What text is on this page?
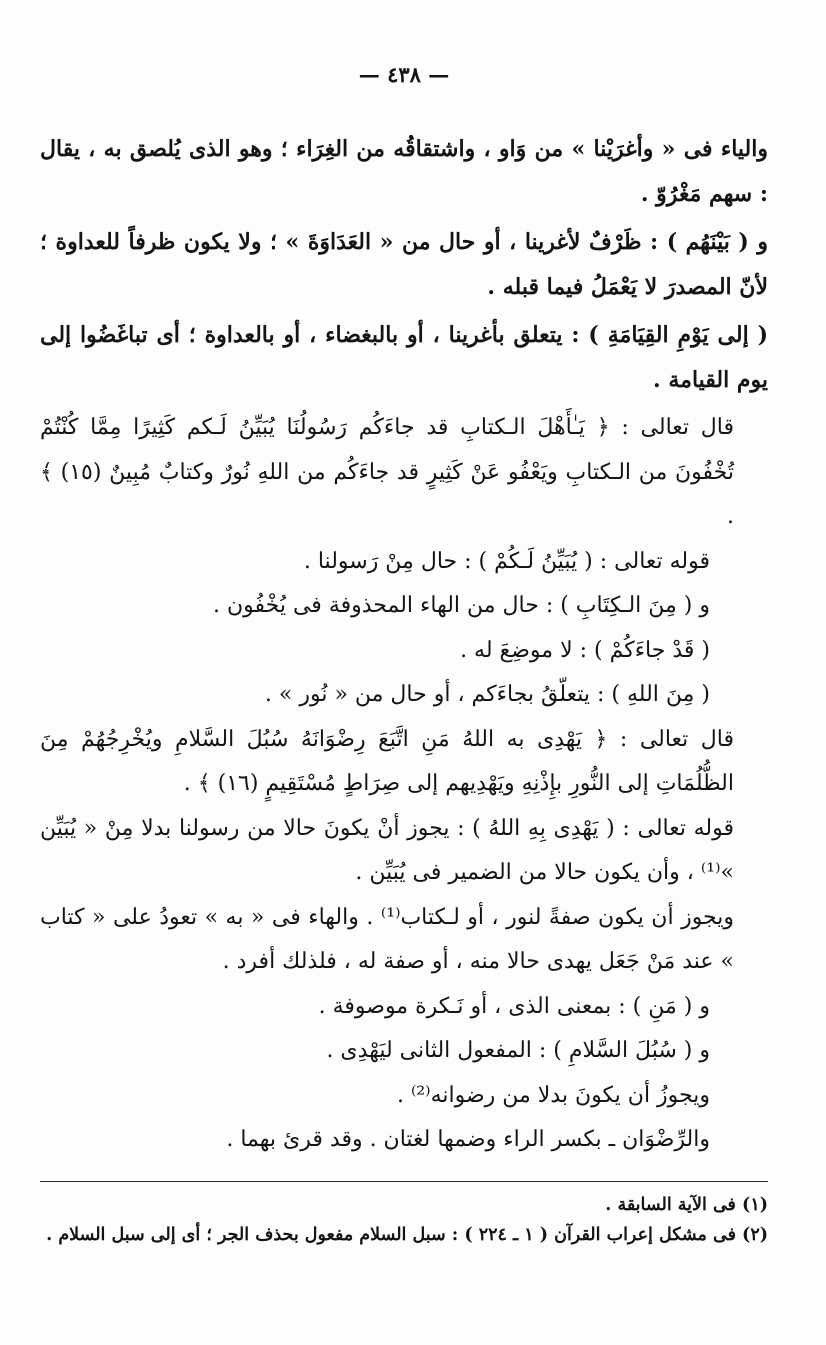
— ٤٣٨ —

والياء فى « وأغرَيْنا » من وَاو ، واشتقاقُه من الغِرَاء ؛ وهو الذى يُلصق به ، يقال : سهم مَغْرُوّ .

و ( بَيْنَهُم ) : ظَرْفٌ لأغرينا ، أو حال من « العَدَاوَةَ » ؛ ولا يكون ظرفاً للعداوة ؛ لأنّ المصدرَ لا يَعْمَلُ فيما قبله .

( إلى يَوْمِ القِيَامَةِ ) : يتعلق بأغرينا ، أو بالبغضاء ، أو بالعداوة ؛ أى تباغَضُوا إلى يوم القيامة .

قال تعالى : ﴿ يَـٰأَهْلَ الـكتابِ قد جاءَكُم رَسُولُنَا يُبَيِّنُ لَـكم كَثِيرًا مِمَّا كُنْتُمْ تُخْفُونَ من الـكتابِ ويَعْفُو عَنْ كَثِيرٍ قد جاءَكُم من اللهِ نُورٌ وكتابٌ مُبِينٌ (١٥) ﴾ .

قوله تعالى : ( يُبَيِّنُ لَـكُمْ ) : حال مِنْ رَسولنا .

و ( مِنَ الـكِتَابِ ) : حال من الهاء المحذوفة فى يُخْفُون .

( قَدْ جاءَكُمْ ) : لا موضِعَ له .

( مِنَ اللهِ ) : يتعلّقُ بجاءَكم ، أو حال من « نُور » .

قال تعالى : ﴿ يَهْدِى به اللهُ مَنِ اتَّبَعَ رِضْوَانَهُ سُبُلَ السَّلامِ ويُخْرِجُهُمْ مِنَ الظُّلُمَاتِ إلى النُّورِ بإِذْنِهِ ويَهْدِيهم إلى صِرَاطٍ مُسْتَقِيمٍ (١٦) ﴾ .

قوله تعالى : ( يَهْدِى بِهِ اللهُ ) : يجوز أنْ يكونَ حالا من رسولنا بدلا مِنْ « يُبَيِّن »⁽¹⁾ ، وأن يكون حالا من الضمير فى يُبَيِّن .

ويجوز أن يكون صفةً لنور ، أو لـكتاب⁽¹⁾ . والهاء فى « به » تعودُ على « كتاب » عند مَنْ جَعَل يهدى حالا منه ، أو صفة له ، فلذلك أفرد .

و ( مَنِ ) : بمعنى الذى ، أو نَـكرة موصوفة .

و ( سُبُلَ السَّلامِ ) : المفعول الثانى ليَهْدِى .

ويجوزُ أن يكونَ بدلا من رضوانه⁽²⁾ .

والرِّضْوَان ـ بكسر الراء وضمها لغتان . وقد قرئ بهما .

(١) فى الآية السابقة .

(٢) فى مشكل إعراب القرآن ( ١ ـ ٢٢٤ ) : سبل السلام مفعول بحذف الجر ؛ أى إلى سبل السلام .
